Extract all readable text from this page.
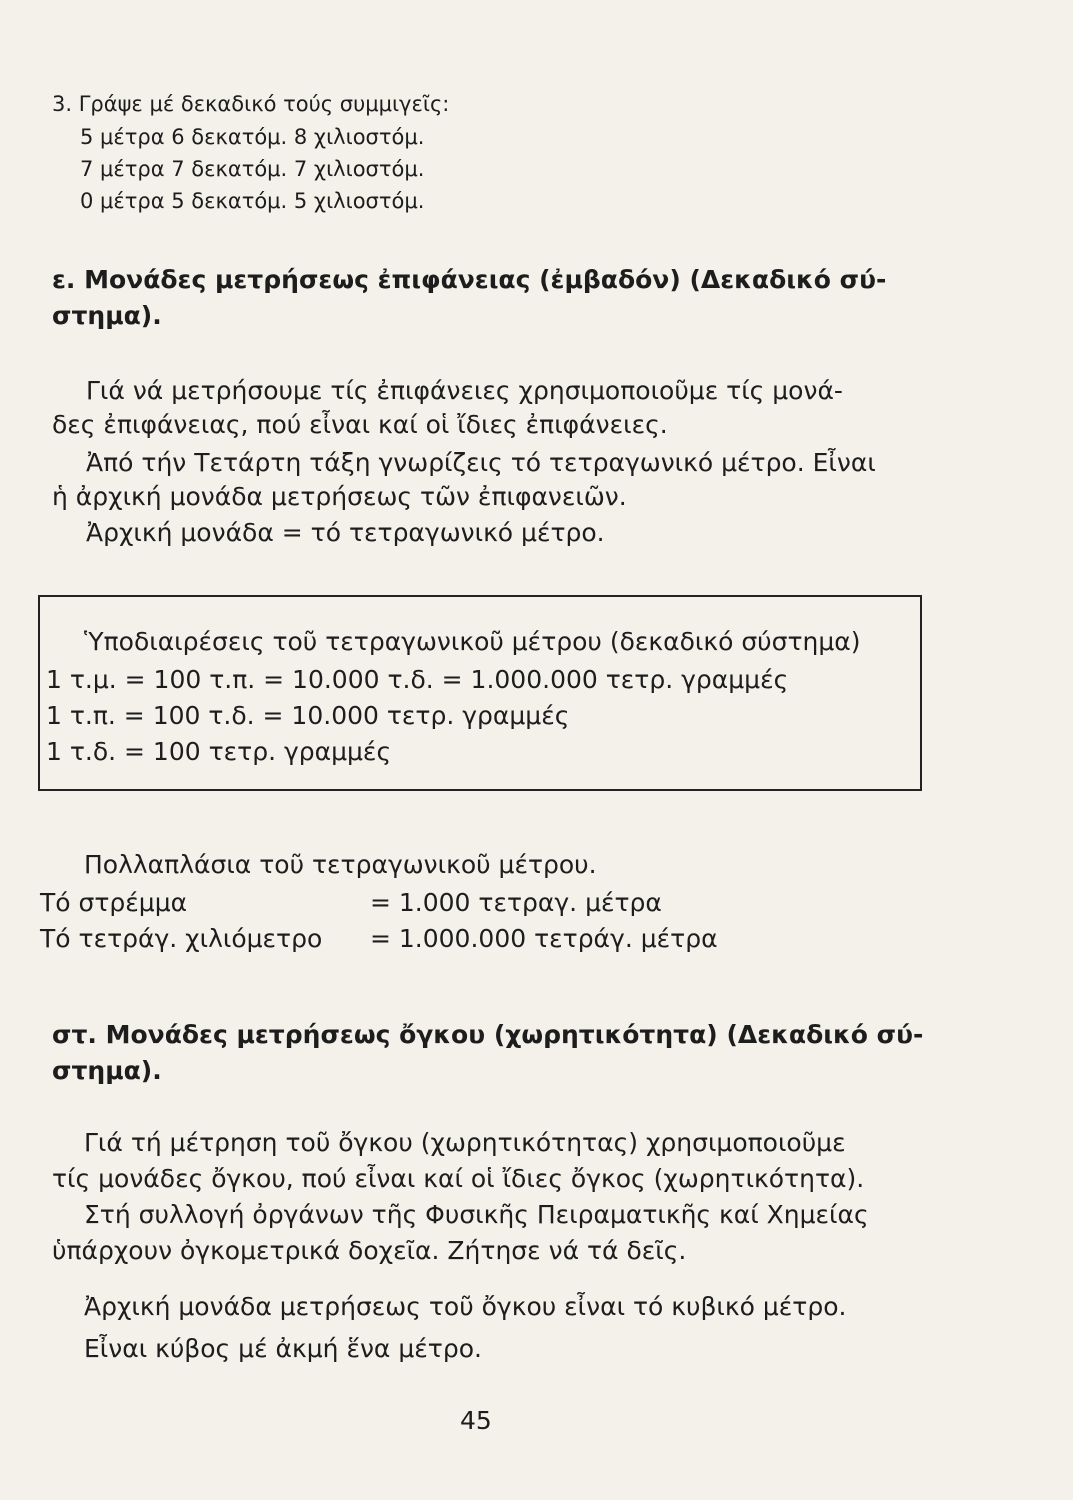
3. Γράψε μέ δεκαδικό τούς συμμιγεῖς:
5 μέτρα 6 δεκατόμ. 8 χιλιοστόμ.
7 μέτρα 7 δεκατόμ. 7 χιλιοστόμ.
0 μέτρα 5 δεκατόμ. 5 χιλιοστόμ.
ε. Μονάδες μετρήσεως ἐπιφάνειας (ἐμβαδόν) (Δεκαδικό σύ-
στημα).
Γιά νά μετρήσουμε τίς ἐπιφάνειες χρησιμοποιοῦμε τίς μονά-
δες ἐπιφάνειας, πού εἶναι καί οἱ ἴδιες ἐπιφάνειες.
Ἀπό τήν Τετάρτη τάξη γνωρίζεις τό τετραγωνικό μέτρο. Εἶναι
ἡ ἀρχική μονάδα μετρήσεως τῶν ἐπιφανειῶν.
Ἀρχική μονάδα = τό τετραγωνικό μέτρο.
Ὑποδιαιρέσεις τοῦ τετραγωνικοῦ μέτρου (δεκαδικό σύστημα)
1 τ.μ. = 100 τ.π. = 10.000 τ.δ. = 1.000.000 τετρ. γραμμές
1 τ.π. = 100 τ.δ. = 10.000 τετρ. γραμμές
1 τ.δ. = 100 τετρ. γραμμές
Πολλαπλάσια τοῦ τετραγωνικοῦ μέτρου.
Τό στρέμμα	= 1.000 τετραγ. μέτρα
Τό τετράγ. χιλιόμετρο = 1.000.000 τετράγ. μέτρα
στ. Μονάδες μετρήσεως ὄγκου (χωρητικότητα) (Δεκαδικό σύ-
στημα).
Γιά τή μέτρηση τοῦ ὄγκου (χωρητικότητας) χρησιμοποιοῦμε
τίς μονάδες ὄγκου, πού εἶναι καί οἱ ἴδιες ὄγκος (χωρητικότητα).
Στή συλλογή ὀργάνων τῆς Φυσικῆς Πειραματικῆς καί Χημείας
ὑπάρχουν ὀγκομετρικά δοχεῖα. Ζήτησε νά τά δεῖς.
Ἀρχική μονάδα μετρήσεως τοῦ ὄγκου εἶναι τό κυβικό μέτρο.
Εἶναι κύβος μέ ἀκμή ἕνα μέτρο.
45
